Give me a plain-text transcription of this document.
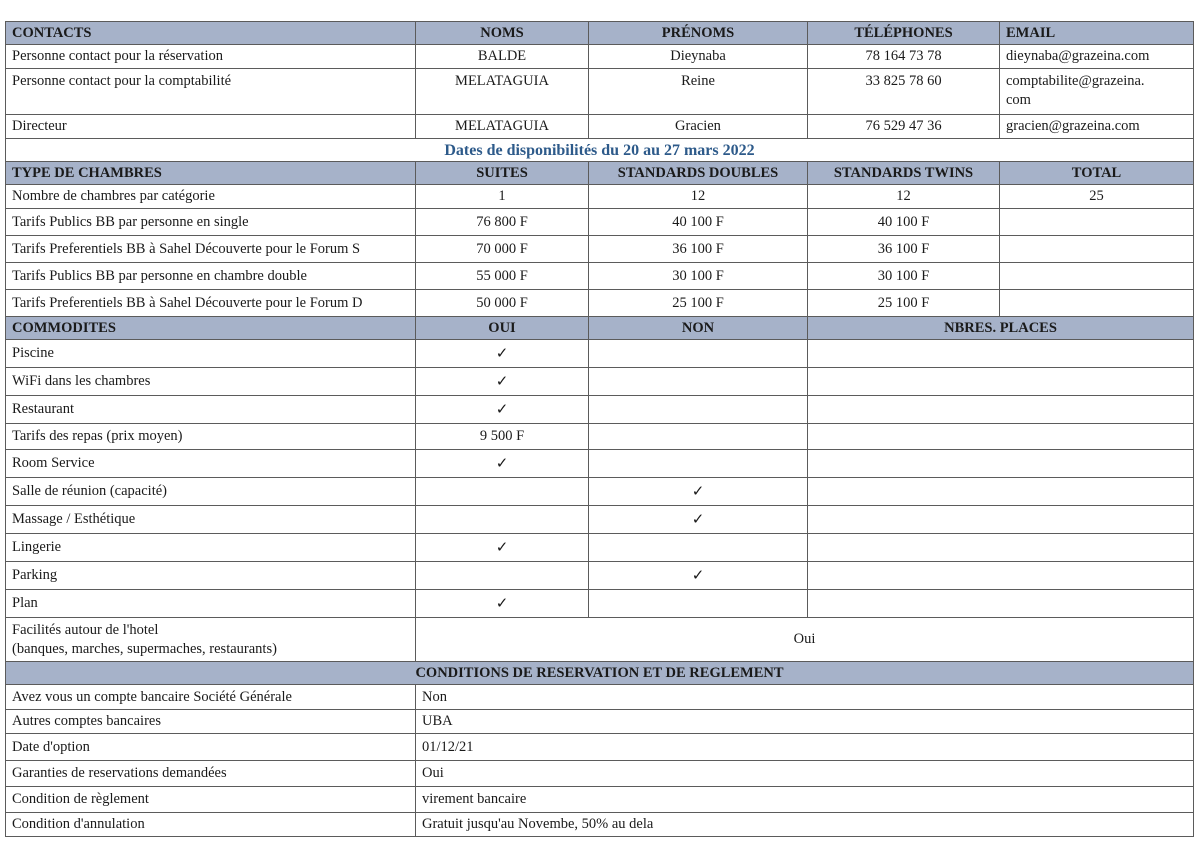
CONTACTS	NOMS	PRÉNOMS	TÉLÉPHONES	EMAIL
Personne contact pour la réservation	BALDE	Dieynaba	78 164 73 78	dieynaba@grazeina.com
Personne contact pour la comptabilité	MELATAGUIA	Reine	33 825 78 60	comptabilite@grazeina.
com

Directeur	MELATAGUIA	Gracien	76 529 47 36	gracien@grazeina.com
Dates de disponibilités du 20 au 27 mars 2022				
TYPE DE CHAMBRES	SUITES	STANDARDS DOUBLES	STANDARDS TWINS	TOTAL
Nombre de chambres par catégorie	1	12	12	25
Tarifs Publics BB par personne en single	76 800 F	40 100 F	40 100 F	
Tarifs Preferentiels BB à Sahel Découverte pour le Forum S	70 000 F	36 100 F	36 100 F	
Tarifs Publics BB par personne en chambre double	55 000 F	30 100 F	30 100 F	
Tarifs Preferentiels BB à Sahel Découverte pour le Forum D	50 000 F	25 100 F	25 100 F	
COMMODITES	OUI	NON	NBRES. PLACES	
Piscine	✓			
WiFi dans les chambres	✓			
Restaurant	✓			
Tarifs des repas (prix moyen)	9 500 F			
Room Service	✓			
Salle de réunion (capacité)		✓		
Massage / Esthétique		✓		
Lingerie	✓			
Parking		✓		
Plan	✓			

Facilités autour de l'hotel
(banques, marches, supermaches, restaurants)	Oui			
CONDITIONS DE RESERVATION ET DE REGLEMENT				
Avez vous un compte bancaire Société Générale	Non			
Autres comptes bancaires	UBA			
Date d'option	01/12/21			
Garanties de reservations demandées	Oui			
Condition de règlement	virement bancaire			
Condition d'annulation	Gratuit jusqu'au Novembe, 50% au dela			
